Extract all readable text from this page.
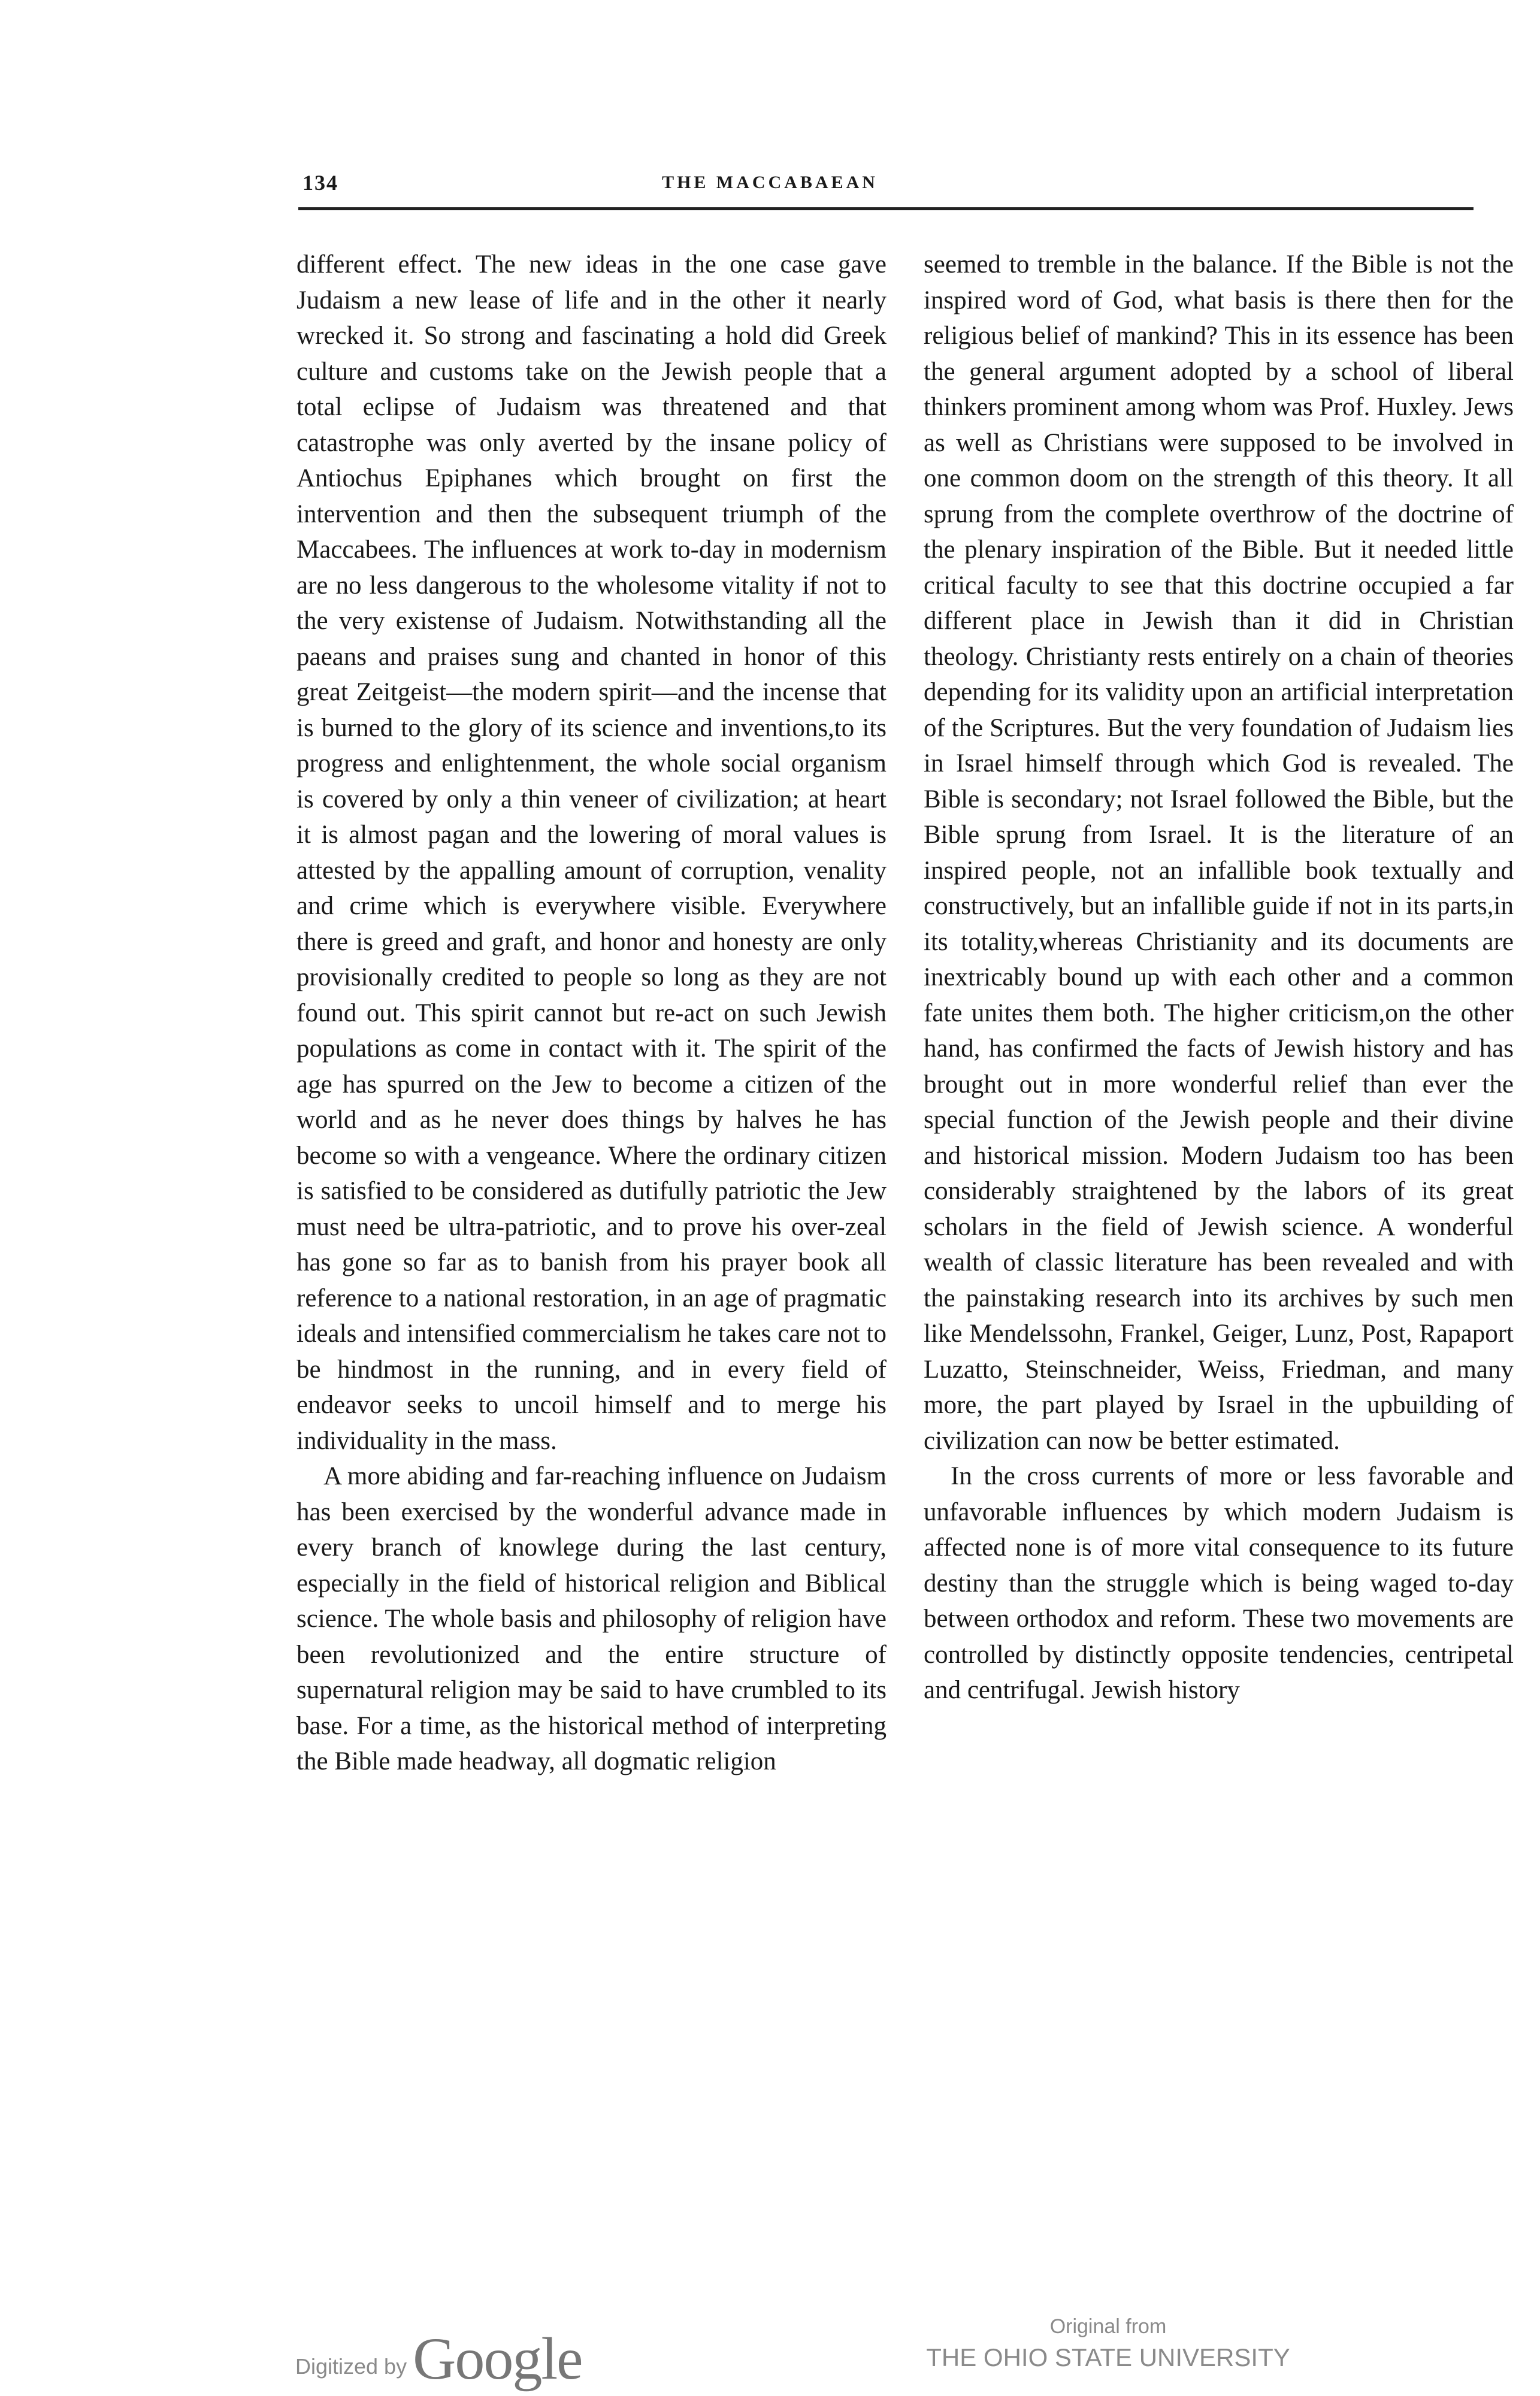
134	THE MACCABAEAN

different effect. The new ideas in the one case gave Judaism a new lease of life and in the other it nearly wrecked it. So strong and fascinating a hold did Greek culture and customs take on the Jewish people that a total eclipse of Judaism was threatened and that catastrophe was only averted by the insane policy of Antiochus Epiphanes which brought on first the intervention and then the subsequent triumph of the Maccabees. The influences at work to-day in modernism are no less dangerous to the wholesome vitality if not to the very existense of Judaism. Notwithstanding all the paeans and praises sung and chanted in honor of this great Zeitgeist—the modern spirit—and the incense that is burned to the glory of its science and inventions,to its progress and enlightenment, the whole social organism is covered by only a thin veneer of civilization; at heart it is almost pagan and the lowering of moral values is attested by the appalling amount of corruption, venality and crime which is everywhere visible. Everywhere there is greed and graft, and honor and honesty are only provisionally credited to people so long as they are not found out. This spirit cannot but re-act on such Jewish populations as come in contact with it. The spirit of the age has spurred on the Jew to become a citizen of the world and as he never does things by halves he has become so with a vengeance. Where the ordinary citizen is satisfied to be considered as dutifully patriotic the Jew must need be ultra-patriotic, and to prove his over-zeal has gone so far as to banish from his prayer book all reference to a national restoration, in an age of pragmatic ideals and intensified commercialism he takes care not to be hindmost in the running, and in every field of endeavor seeks to uncoil himself and to merge his individuality in the mass.

A more abiding and far-reaching influence on Judaism has been exercised by the wonderful advance made in every branch of knowlege during the last century, especially in the field of historical religion and Biblical science. The whole basis and philosophy of religion have been revolutionized and the entire structure of supernatural religion may be said to have crumbled to its base. For a time, as the historical method of interpreting the Bible made headway, all dogmatic religion

seemed to tremble in the balance. If the Bible is not the inspired word of God, what basis is there then for the religious belief of mankind? This in its essence has been the general argument adopted by a school of liberal thinkers prominent among whom was Prof. Huxley. Jews as well as Christians were supposed to be involved in one common doom on the strength of this theory. It all sprung from the complete overthrow of the doctrine of the plenary inspiration of the Bible. But it needed little critical faculty to see that this doctrine occupied a far different place in Jewish than it did in Christian theology. Christianty rests entirely on a chain of theories depending for its validity upon an artificial interpretation of the Scriptures. But the very foundation of Judaism lies in Israel himself through which God is revealed. The Bible is secondary; not Israel followed the Bible, but the Bible sprung from Israel. It is the literature of an inspired people, not an infallible book textually and constructively, but an infallible guide if not in its parts,in its totality,whereas Christianity and its documents are inextricably bound up with each other and a common fate unites them both. The higher criticism,on the other hand, has confirmed the facts of Jewish history and has brought out in more wonderful relief than ever the special function of the Jewish people and their divine and historical mission. Modern Judaism too has been considerably straightened by the labors of its great scholars in the field of Jewish science. A wonderful wealth of classic literature has been revealed and with the painstaking research into its archives by such men like Mendelssohn, Frankel, Geiger, Lunz, Post, Rapaport Luzatto, Steinschneider, Weiss, Friedman, and many more, the part played by Israel in the upbuilding of civilization can now be better estimated.

In the cross currents of more or less favorable and unfavorable influences by which modern Judaism is affected none is of more vital consequence to its future destiny than the struggle which is being waged to-day between orthodox and reform. These two movements are controlled by distinctly opposite tendencies, centripetal and centrifugal. Jewish history

Digitized by Google	Original from
THE OHIO STATE UNIVERSITY
